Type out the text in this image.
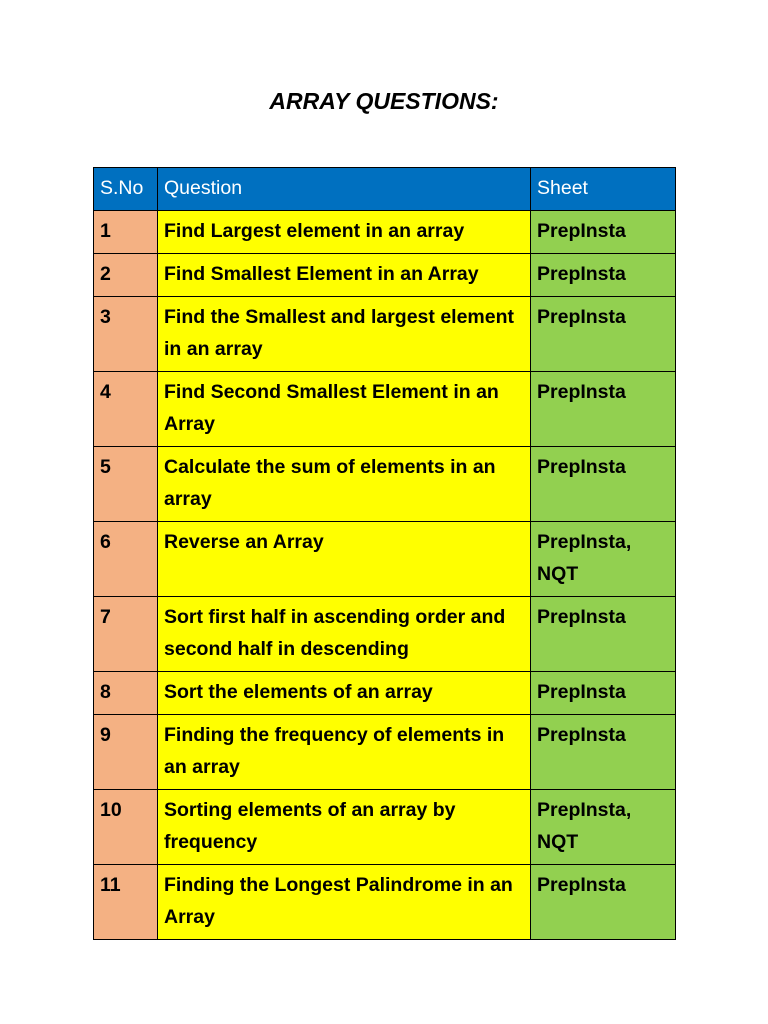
ARRAY QUESTIONS:
S.No	Question	Sheet
1	Find Largest element in an array	PrepInsta
2	Find Smallest Element in an Array	PrepInsta
3	Find the Smallest and largest element in an array	PrepInsta
4	Find Second Smallest Element in an Array	PrepInsta
5	Calculate the sum of elements in an array	PrepInsta
6	Reverse an Array	PrepInsta, NQT
7	Sort first half in ascending order and second half in descending	PrepInsta
8	Sort the elements of an array	PrepInsta
9	Finding the frequency of elements in an array	PrepInsta
10	Sorting elements of an array by frequency	PrepInsta, NQT
11	Finding the Longest Palindrome in an Array	PrepInsta
